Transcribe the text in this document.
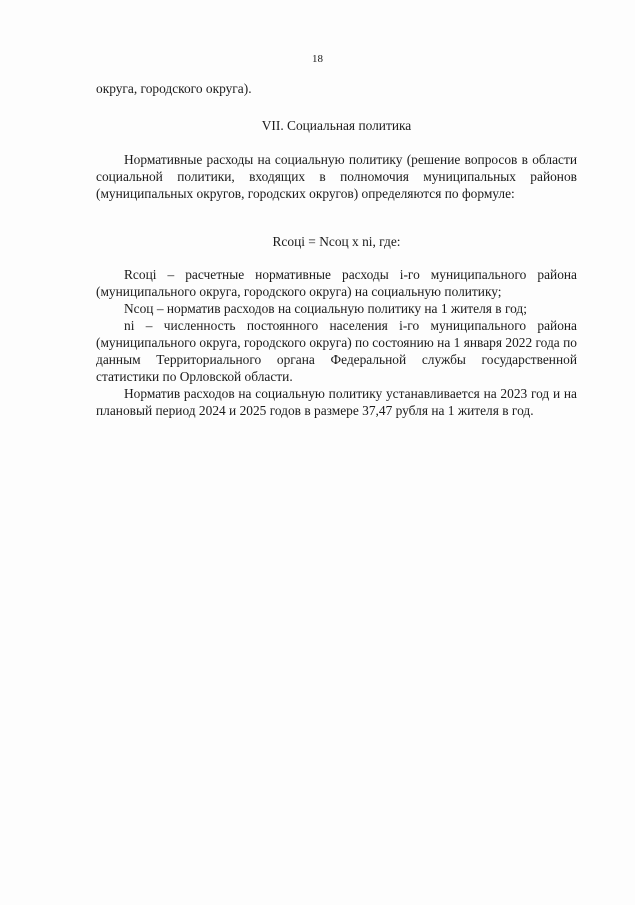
18

округа, городского округа).

VII. Социальная политика
Нормативные расходы на социальную политику (решение вопросов в области социальной политики, входящих в полномочия муниципальных районов (муниципальных округов, городских округов) определяются по формуле:
Rсоцi = Nсоц x ni, где:

Rсоцi – расчетные нормативные расходы i-го муниципального района (муниципального округа, городского округа) на социальную политику;

Nсоц – норматив расходов на социальную политику на 1 жителя в год;

ni – численность постоянного населения i-го муниципального района (муниципального округа, городского округа) по состоянию на 1 января 2022 года по данным Территориального органа Федеральной службы государственной статистики по Орловской области.

Норматив расходов на социальную политику устанавливается на 2023 год и на плановый период 2024 и 2025 годов в размере 37,47 рубля на 1 жителя в год.
